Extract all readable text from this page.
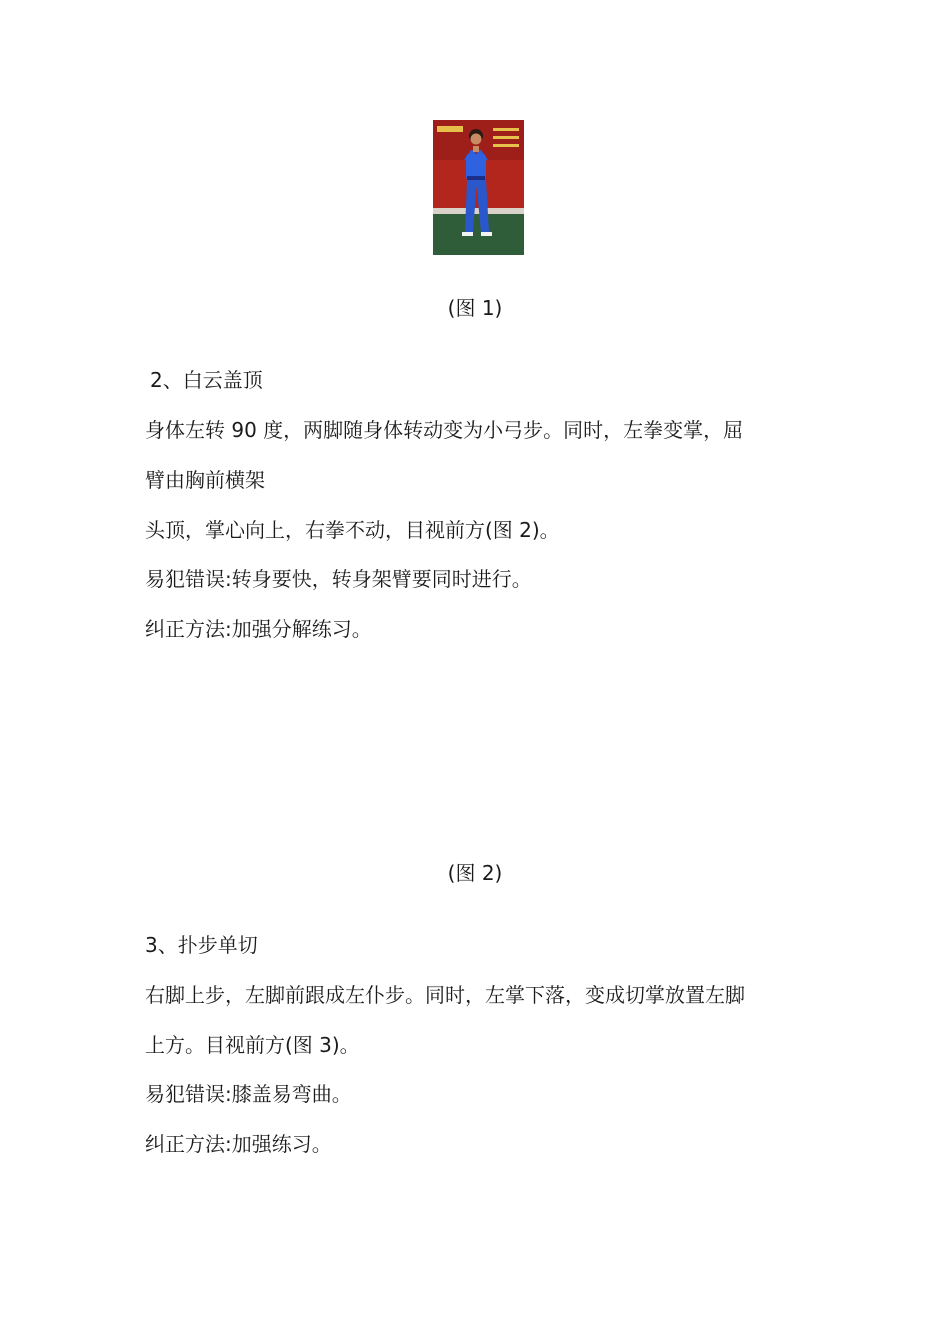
(图 1)
2、白云盖顶
身体左转 90 度，两脚随身体转动变为小弓步。同时，左拳变掌，屈
臂由胸前横架
头顶，掌心向上，右拳不动，目视前方(图 2)。
易犯错误:转身要快，转身架臂要同时进行。
纠正方法:加强分解练习。
(图 2)
3、扑步单切
右脚上步，左脚前跟成左仆步。同时，左掌下落，变成切掌放置左脚
上方。目视前方(图 3)。
易犯错误:膝盖易弯曲。
纠正方法:加强练习。
